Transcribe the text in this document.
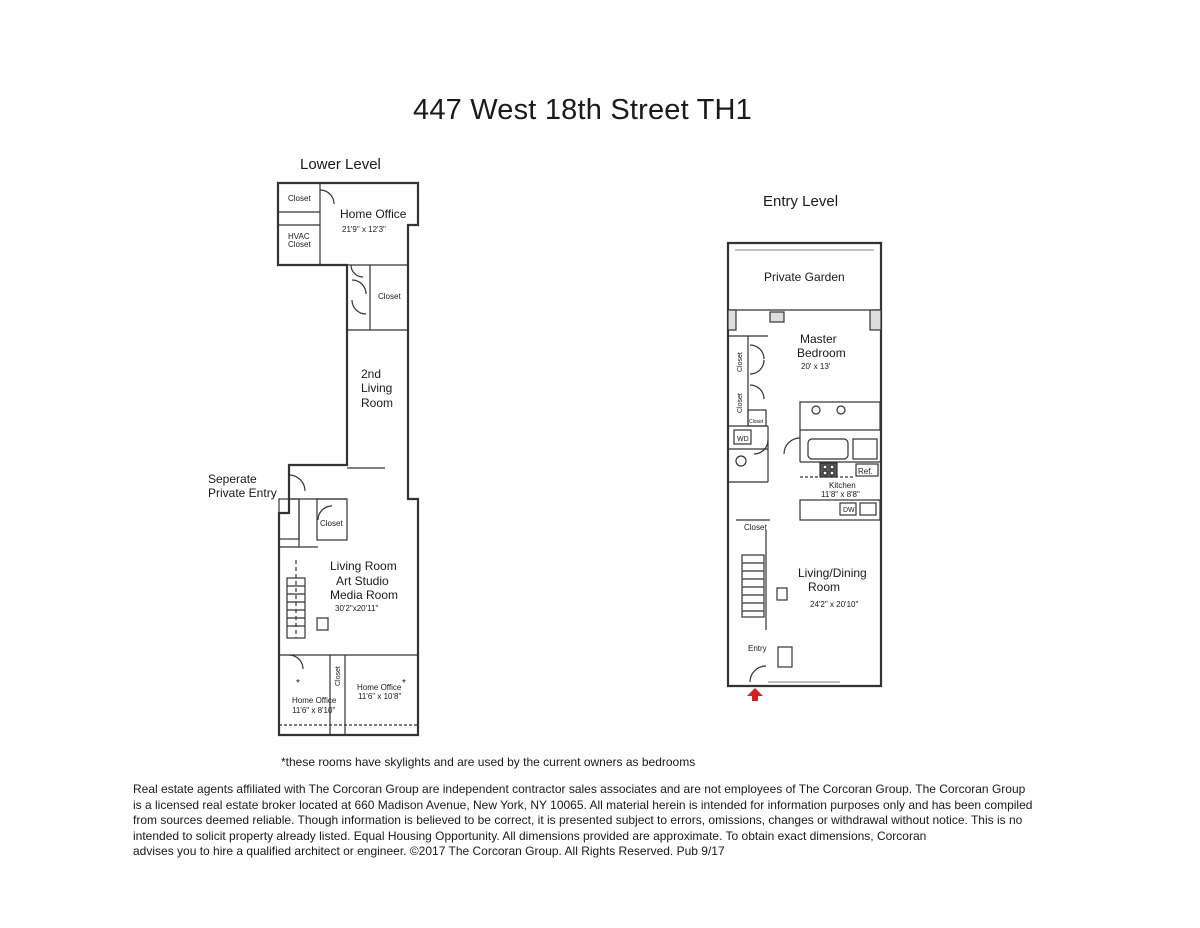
447 West 18th Street TH1
Lower Level
Entry Level
Closet
HVAC
Closet
Home Office
21'9" x 12'3"
Closet
2nd
Living
Room
Seperate
Private Entry
Closet
Living Room
Art Studio
Media Room
30'2"x20'11"
Closet
*
Home Office
11'6" x 8'10"
*
Home Office
11'6" x 10'8"
Private Garden
Master
Bedroom
20' x 13'
Closet
Closet
Closet
WD
Ref.
Kitchen
11'8" x 8'8"
DW
Closet
Living/Dining
Room
24'2" x 20'10"
Entry
*these rooms have skylights and are used by the current owners as bedrooms
Real estate agents affiliated with The Corcoran Group are independent contractor sales associates and are not employees of The Corcoran Group. The Corcoran Group
is a licensed real estate broker located at 660 Madison Avenue, New York, NY 10065. All material herein is intended for information purposes only and has been compiled
from sources deemed reliable. Though information is believed to be correct, it is presented subject to errors, omissions, changes or withdrawal without notice. This is no
intended to solicit property already listed. Equal Housing Opportunity. All dimensions provided are approximate. To obtain exact dimensions, Corcoran
advises you to hire a qualified architect or engineer. ©2017 The Corcoran Group. All Rights Reserved. Pub 9/17
